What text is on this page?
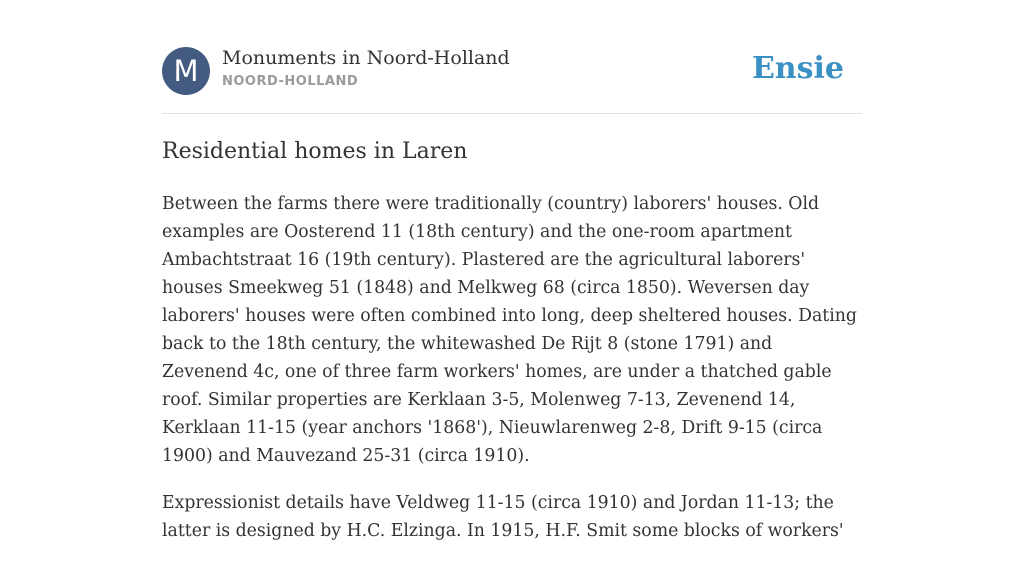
M	Monuments in Noord-Holland
NOORD-HOLLAND	Ensie
Residential homes in Laren

Between the farms there were traditionally (country) laborers' houses. Old examples are Oosterend 11 (18th century) and the one-room apartment Ambachtstraat 16 (19th century). Plastered are the agricultural laborers' houses Smeekweg 51 (1848) and Melkweg 68 (circa 1850). Weversen day laborers' houses were often combined into long, deep sheltered houses. Dating back to the 18th century, the whitewashed De Rijt 8 (stone 1791) and Zevenend 4c, one of three farm workers' homes, are under a thatched gable roof. Similar properties are Kerklaan 3-5, Molenweg 7-13, Zevenend 14, Kerklaan 11-15 (year anchors '1868'), Nieuwlarenweg 2-8, Drift 9-15 (circa 1900) and Mauvezand 25-31 (circa 1910).

Expressionist details have Veldweg 11-15 (circa 1910) and Jordan 11-13; the latter is designed by H.C. Elzinga. In 1915, H.F. Smit some blocks of workers'
